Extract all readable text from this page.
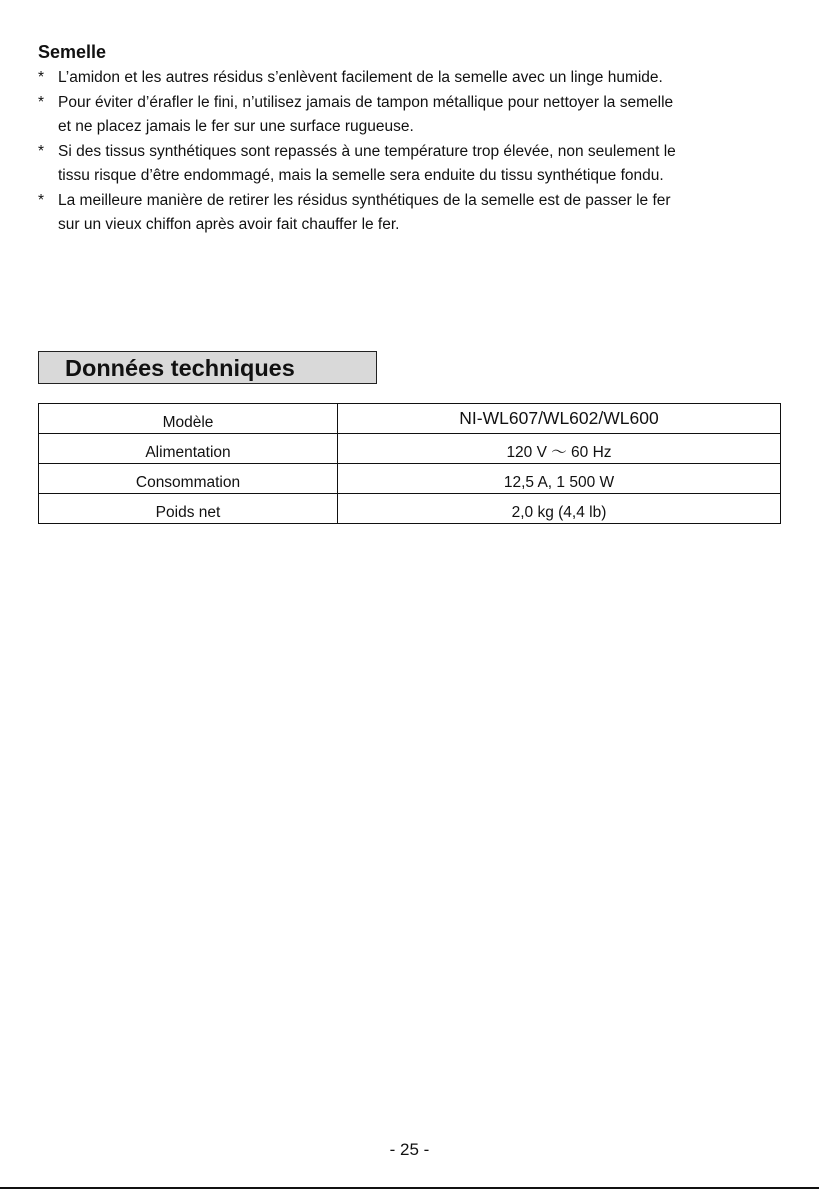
Semelle
* L’amidon et les autres résidus s’enlèvent facilement de la semelle avec un linge humide.
* Pour éviter d’érafler le fini, n’utilisez jamais de tampon métallique pour nettoyer la semelle
et ne placez jamais le fer sur une surface rugueuse.
* Si des tissus synthétiques sont repassés à une température trop élevée, non seulement le
tissu risque d’être endommagé, mais la semelle sera enduite du tissu synthétique fondu.
* La meilleure manière de retirer les résidus synthétiques de la semelle est de passer le fer
sur un vieux chiffon après avoir fait chauffer le fer.
Données techniques
Modèle	NI-WL607/WL602/WL600
Alimentation	120 V ～ 60 Hz
Consommation	12,5 A, 1 500 W
Poids net	2,0 kg (4,4 lb)
- 25 -
